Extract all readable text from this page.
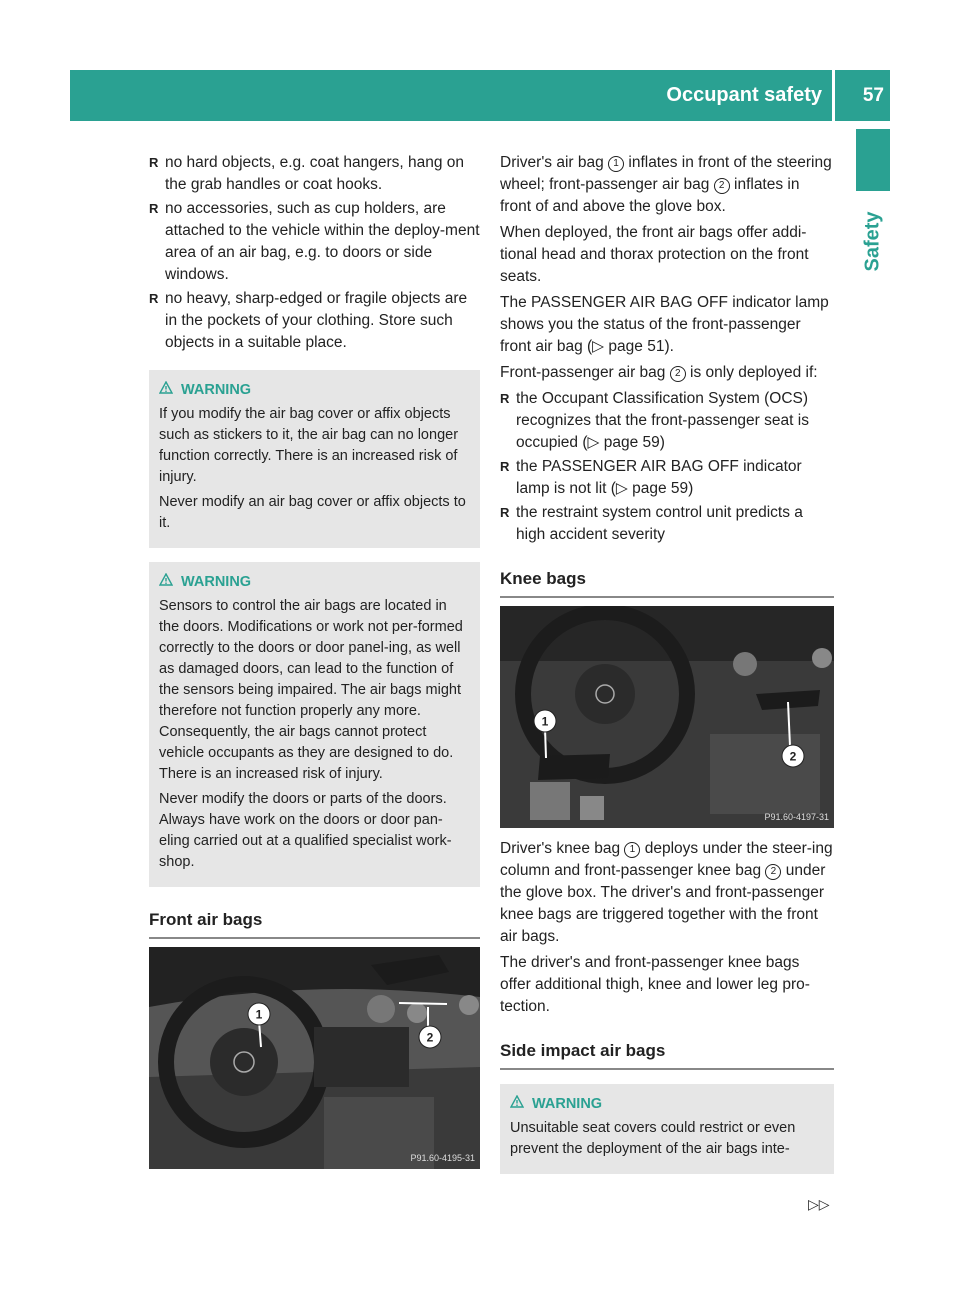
Occupant safety 57
Safety
R no hard objects, e.g. coat hangers, hang on the grab handles or coat hooks.
R no accessories, such as cup holders, are attached to the vehicle within the deploy-ment area of an air bag, e.g. to doors or side windows.
R no heavy, sharp-edged or fragile objects are in the pockets of your clothing. Store such objects in a suitable place.
WARNING

If you modify the air bag cover or affix objects such as stickers to it, the air bag can no longer function correctly. There is an increased risk of injury.

Never modify an air bag cover or affix objects to it.

WARNING

Sensors to control the air bags are located in the doors. Modifications or work not per-formed correctly to the doors or door panel-ing, as well as damaged doors, can lead to the function of the sensors being impaired. The air bags might therefore not function properly any more. Consequently, the air bags cannot protect vehicle occupants as they are designed to do. There is an increased risk of injury.

Never modify the doors or parts of the doors. Always have work on the doors or door pan-eling carried out at a qualified specialist work-shop.

Front air bags
1
2
P91.60-4195-31

Driver's air bag 1 inflates in front of the steering wheel; front-passenger air bag 2 inflates in front of and above the glove box.

When deployed, the front air bags offer addi-tional head and thorax protection on the front seats.

The PASSENGER AIR BAG OFF indicator lamp shows you the status of the front-passenger front air bag (▷ page 51).

Front-passenger air bag 2 is only deployed if:

R the Occupant Classification System (OCS) recognizes that the front-passenger seat is occupied (▷ page 59)
R the PASSENGER AIR BAG OFF indicator lamp is not lit (▷ page 59)
R the restraint system control unit predicts a high accident severity
Knee bags
1
2
P91.60-4197-31

Driver's knee bag 1 deploys under the steer-ing column and front-passenger knee bag 2 under the glove box. The driver's and front-passenger knee bags are triggered together with the front air bags.

The driver's and front-passenger knee bags offer additional thigh, knee and lower leg pro-tection.

Side impact air bags
WARNING

Unsuitable seat covers could restrict or even prevent the deployment of the air bags inte-

▷▷
